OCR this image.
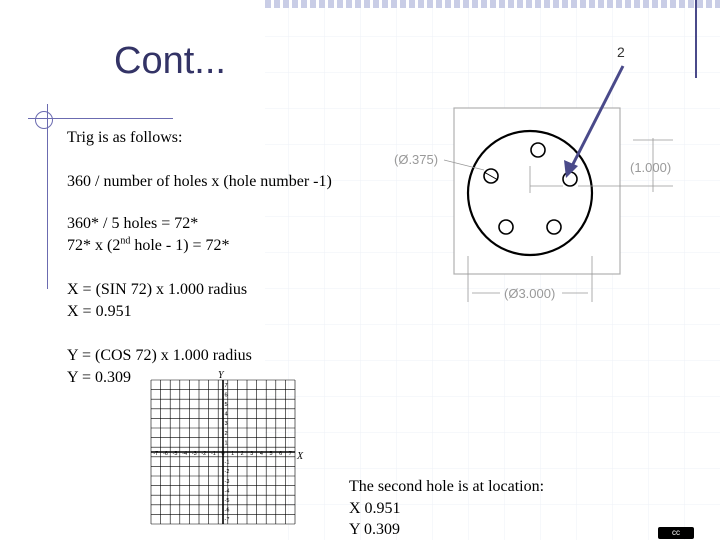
Cont...	2
Trig is as follows:
360 / number of holes x (hole number -1)
360* / 5 holes = 72*
72* x (2nd hole - 1) = 72*
X = (SIN 72) x 1.000 radius
X = 0.951
Y = (COS 72) x 1.000 radius
Y = 0.309
(Ø.375)
(1.000)
(Ø3.000)
-7 -6 -5 -4 -3 -2 -1 0 1 2 3 4 5 6 7
7
6
5
4
3
2
1
-1
-2
-3
-4
-5
-6
-7
Y
X
The second hole is at location:
X 0.951
Y 0.309	cc
